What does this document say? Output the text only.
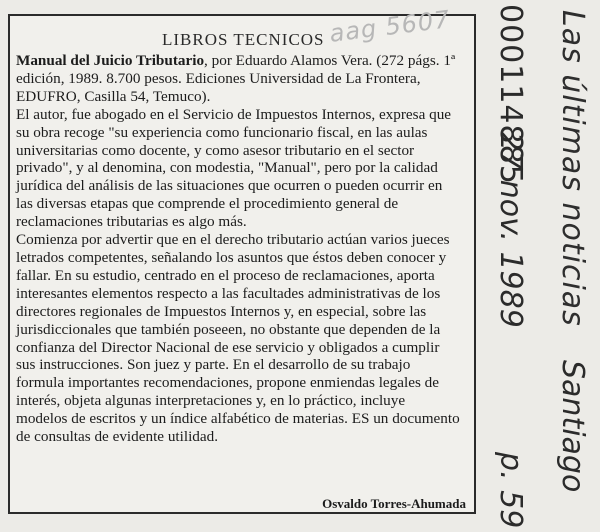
LIBROS TECNICOS aag 5607

Manual del Juicio Tributario, por Eduardo Alamos Vera. (272 págs. 1ª edición, 1989. 8.700 pesos. Ediciones Universidad de La Frontera, EDUFRO, Casilla 54, Temuco).

El autor, fue abogado en el Servicio de Impuestos Internos, expresa que su obra recoge "su experiencia como funcionario fiscal, en las aulas universitarias como docente, y como asesor tributario en el sector privado", y al denomina, con modestia, "Manual", pero por la calidad jurídica del análisis de las situaciones que ocurren o pueden ocurrir en las diversas etapas que comprende el procedimiento general de reclamaciones tributarias es algo más.

Comienza por advertir que en el derecho tributario actúan varios jueces letrados competentes, señalando los asuntos que éstos deben conocer y fallar. En su estudio, centrado en el proceso de reclamaciones, aporta interesantes elementos respecto a las facultades administrativas de los directores regionales de Impuestos Internos y, en especial, sobre las jurisdiccionales que también poseeen, no obstante que dependen de la confianza del Director Nacional de ese servicio y obligados a cumplir sus instrucciones. Son juez y parte. En el desarrollo de su trabajo formula importantes recomendaciones, propone enmiendas legales de interés, objeta algunas interpretaciones y, en lo práctico, incluye modelos de escritos y un índice alfabético de materias. ES un documento de consultas de evidente utilidad.

Osvaldo Torres-Ahumada
000114885
27 nov. 1989
p. 59
Las últimas noticias
Santiago
